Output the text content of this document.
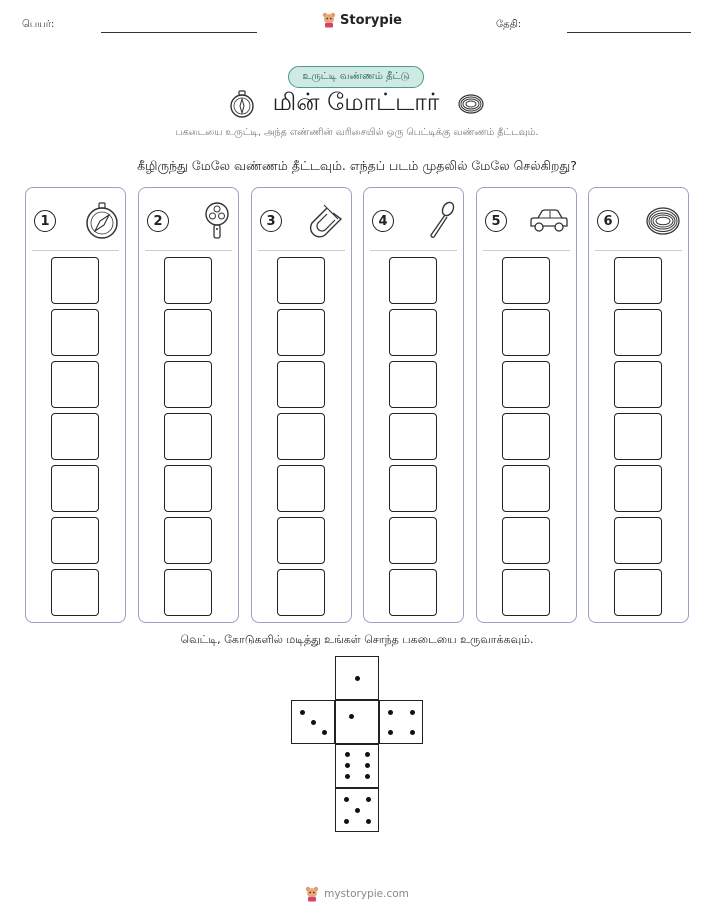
பெயர்:	Storypie	தேதி:
உருட்டி வண்ணம் தீட்டு
மின் மோட்டார்
பகடையை உருட்டி, அந்த எண்ணின் வரிசையில் ஒரு பெட்டிக்கு வண்ணம் தீட்டவும்.
கீழிருந்து மேலே வண்ணம் தீட்டவும். எந்தப் படம் முதலில் மேலே செல்கிறது?
1	2	3	4	5	6
வெட்டி, கோடுகளில் மடித்து உங்கள் சொந்த பகடையை உருவாக்கவும்.
mystorypie.com
